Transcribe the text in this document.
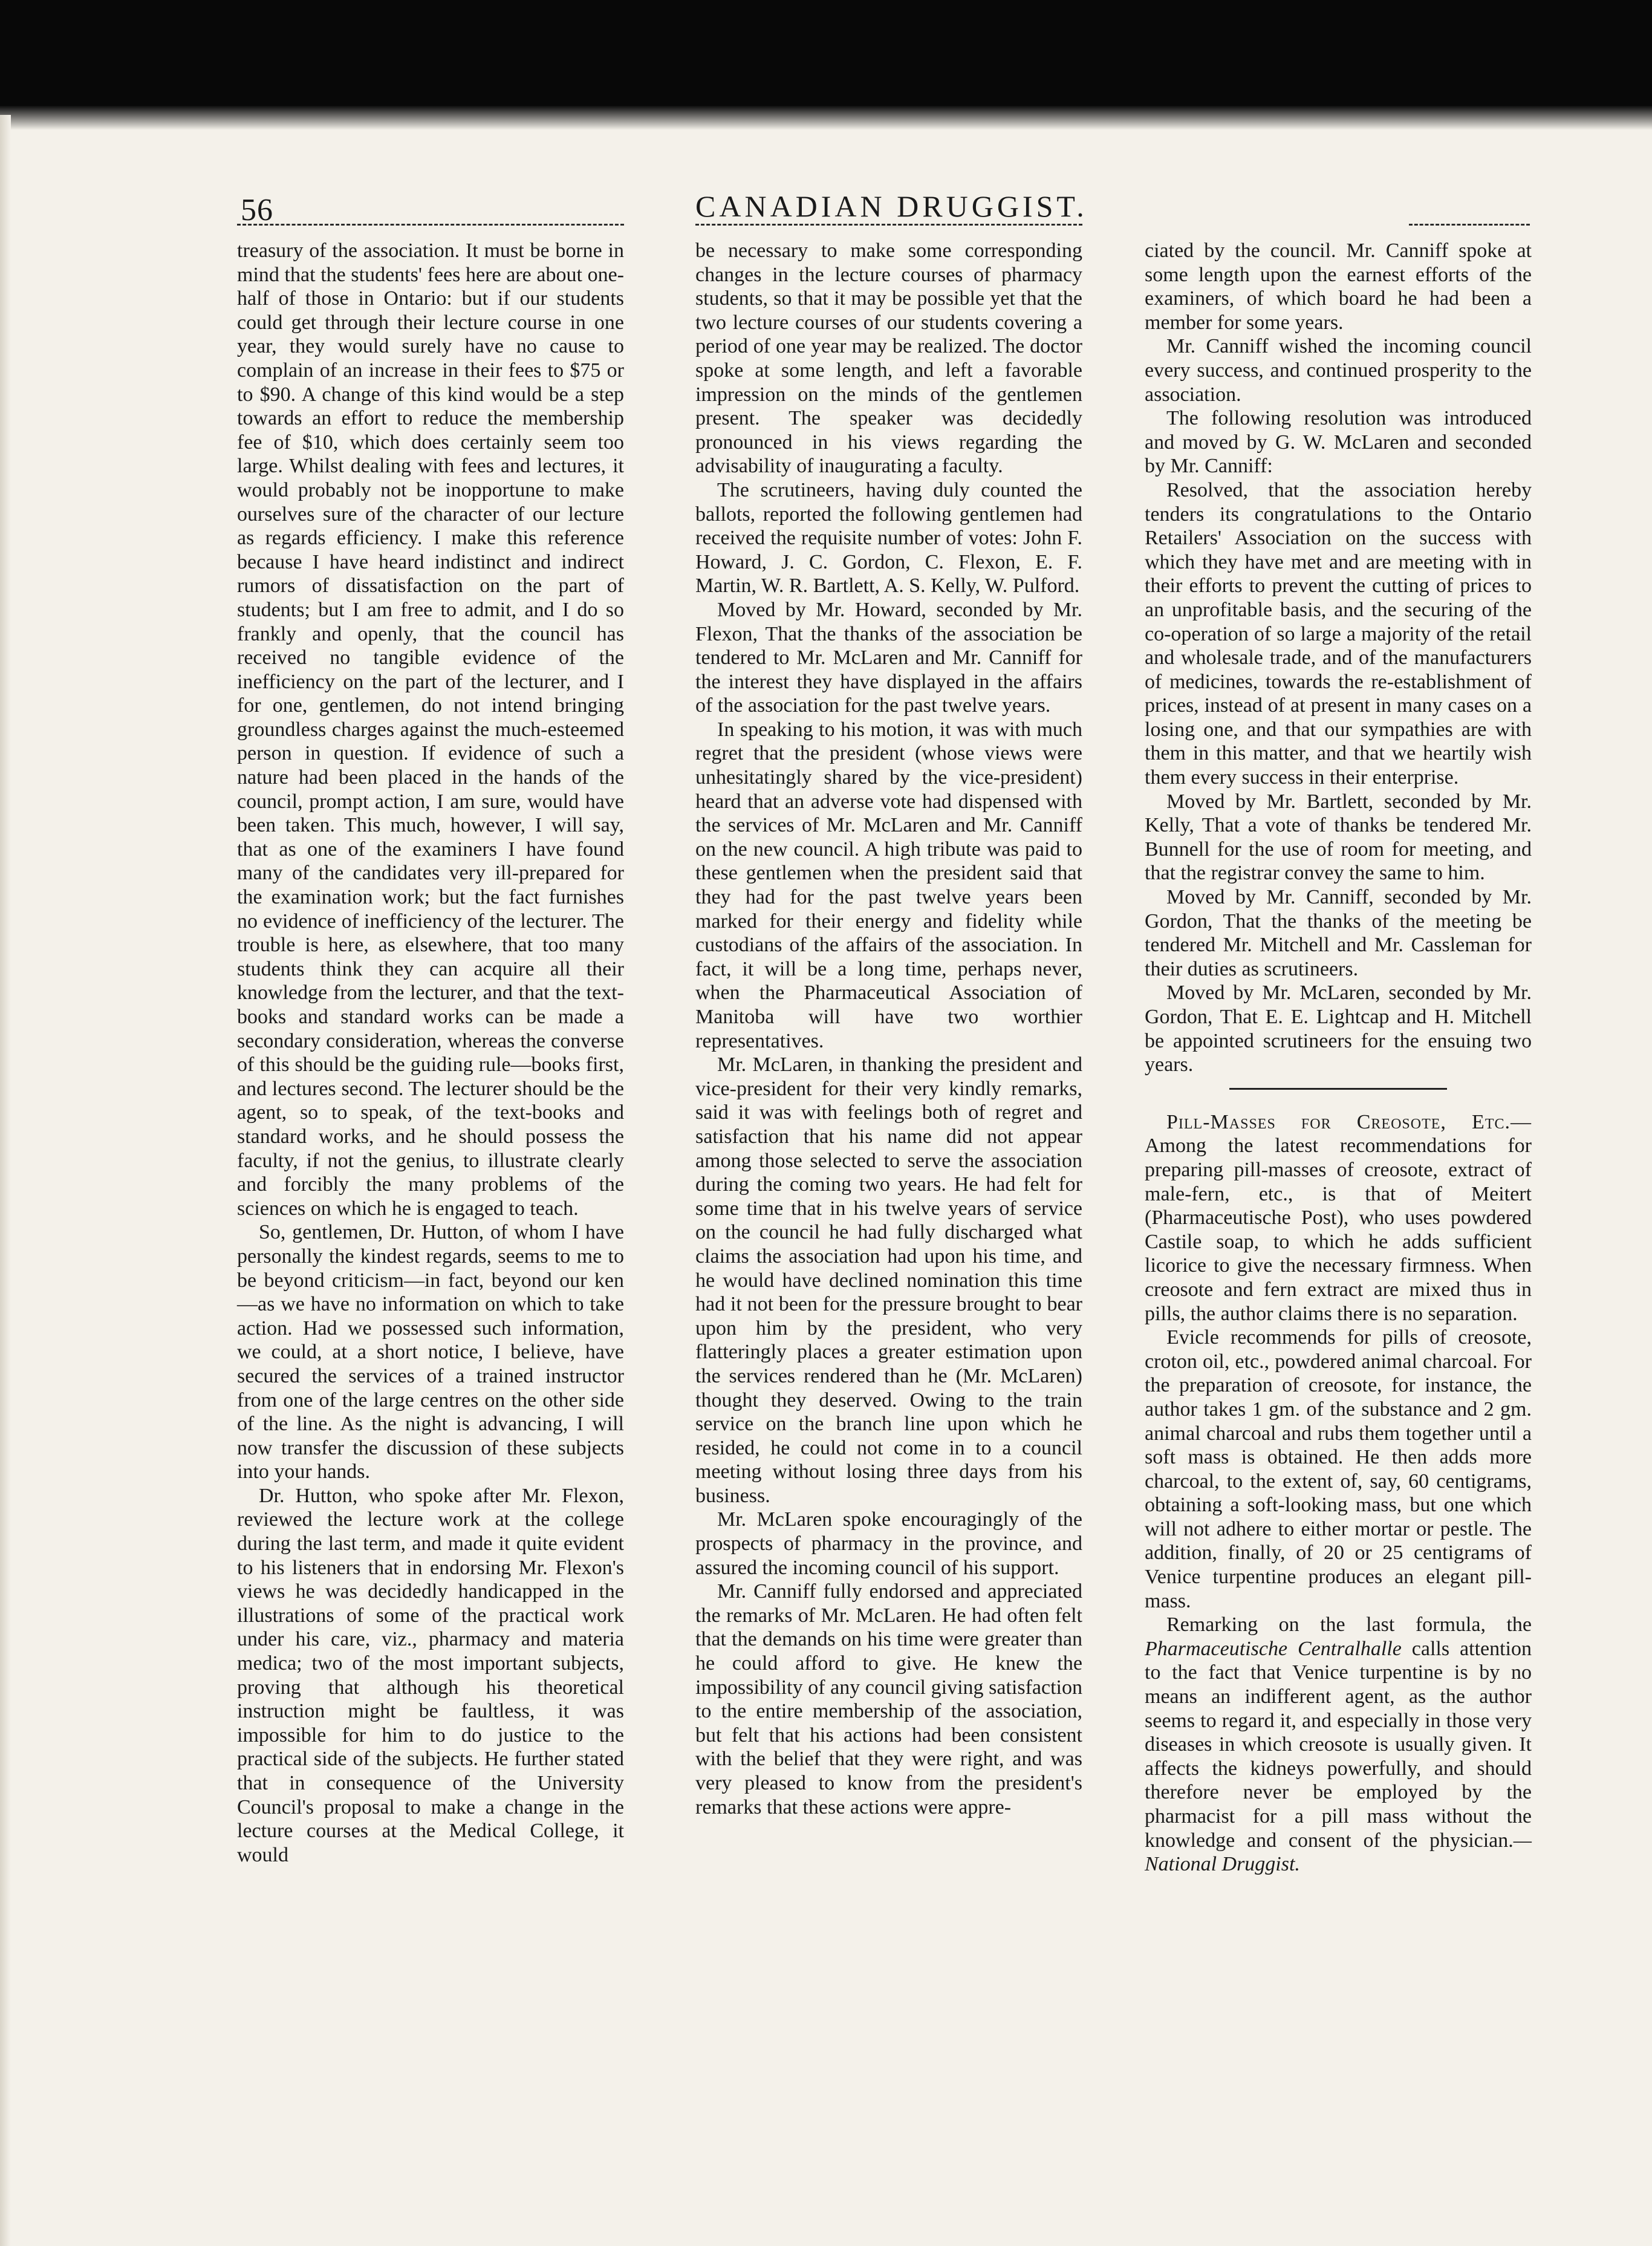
56	CANADIAN DRUGGIST.

treasury of the association. It must be borne in mind that the students' fees here are about one-half of those in Ontario: but if our students could get through their lecture course in one year, they would surely have no cause to complain of an increase in their fees to $75 or to $90. A change of this kind would be a step towards an effort to reduce the membership fee of $10, which does certainly seem too large. Whilst dealing with fees and lectures, it would probably not be inopportune to make ourselves sure of the character of our lecture as regards efficiency. I make this reference because I have heard indistinct and indirect rumors of dissatisfaction on the part of students; but I am free to admit, and I do so frankly and openly, that the council has received no tangible evidence of the inefficiency on the part of the lecturer, and I for one, gentlemen, do not intend bringing groundless charges against the much-esteemed person in question. If evidence of such a nature had been placed in the hands of the council, prompt action, I am sure, would have been taken. This much, however, I will say, that as one of the examiners I have found many of the candidates very ill-prepared for the examination work; but the fact furnishes no evidence of inefficiency of the lecturer. The trouble is here, as elsewhere, that too many students think they can acquire all their knowledge from the lecturer, and that the text-books and standard works can be made a secondary consideration, whereas the converse of this should be the guiding rule—books first, and lectures second. The lecturer should be the agent, so to speak, of the text-books and standard works, and he should possess the faculty, if not the genius, to illustrate clearly and forcibly the many problems of the sciences on which he is engaged to teach.

So, gentlemen, Dr. Hutton, of whom I have personally the kindest regards, seems to me to be beyond criticism—in fact, beyond our ken—as we have no information on which to take action. Had we possessed such information, we could, at a short notice, I believe, have secured the services of a trained instructor from one of the large centres on the other side of the line. As the night is advancing, I will now transfer the discussion of these subjects into your hands.

Dr. Hutton, who spoke after Mr. Flexon, reviewed the lecture work at the college during the last term, and made it quite evident to his listeners that in endorsing Mr. Flexon's views he was decidedly handicapped in the illustrations of some of the practical work under his care, viz., pharmacy and materia medica; two of the most important subjects, proving that although his theoretical instruction might be faultless, it was impossible for him to do justice to the practical side of the subjects. He further stated that in consequence of the University Council's proposal to make a change in the lecture courses at the Medical College, it would

be necessary to make some corresponding changes in the lecture courses of pharmacy students, so that it may be possible yet that the two lecture courses of our students covering a period of one year may be realized. The doctor spoke at some length, and left a favorable impression on the minds of the gentlemen present. The speaker was decidedly pronounced in his views regarding the advisability of inaugurating a faculty.

The scrutineers, having duly counted the ballots, reported the following gentlemen had received the requisite number of votes: John F. Howard, J. C. Gordon, C. Flexon, E. F. Martin, W. R. Bartlett, A. S. Kelly, W. Pulford.

Moved by Mr. Howard, seconded by Mr. Flexon, That the thanks of the association be tendered to Mr. McLaren and Mr. Canniff for the interest they have displayed in the affairs of the association for the past twelve years.

In speaking to his motion, it was with much regret that the president (whose views were unhesitatingly shared by the vice-president) heard that an adverse vote had dispensed with the services of Mr. McLaren and Mr. Canniff on the new council. A high tribute was paid to these gentlemen when the president said that they had for the past twelve years been marked for their energy and fidelity while custodians of the affairs of the association. In fact, it will be a long time, perhaps never, when the Pharmaceutical Association of Manitoba will have two worthier representatives.

Mr. McLaren, in thanking the president and vice-president for their very kindly remarks, said it was with feelings both of regret and satisfaction that his name did not appear among those selected to serve the association during the coming two years. He had felt for some time that in his twelve years of service on the council he had fully discharged what claims the association had upon his time, and he would have declined nomination this time had it not been for the pressure brought to bear upon him by the president, who very flatteringly places a greater estimation upon the services rendered than he (Mr. McLaren) thought they deserved. Owing to the train service on the branch line upon which he resided, he could not come in to a council meeting without losing three days from his business.

Mr. McLaren spoke encouragingly of the prospects of pharmacy in the province, and assured the incoming council of his support.

Mr. Canniff fully endorsed and appreciated the remarks of Mr. McLaren. He had often felt that the demands on his time were greater than he could afford to give. He knew the impossibility of any council giving satisfaction to the entire membership of the association, but felt that his actions had been consistent with the belief that they were right, and was very pleased to know from the president's remarks that these actions were appre-

ciated by the council. Mr. Canniff spoke at some length upon the earnest efforts of the examiners, of which board he had been a member for some years.

Mr. Canniff wished the incoming council every success, and continued prosperity to the association.

The following resolution was introduced and moved by G. W. McLaren and seconded by Mr. Canniff:

Resolved, that the association hereby tenders its congratulations to the Ontario Retailers' Association on the success with which they have met and are meeting with in their efforts to prevent the cutting of prices to an unprofitable basis, and the securing of the co-operation of so large a majority of the retail and wholesale trade, and of the manufacturers of medicines, towards the re-establishment of prices, instead of at present in many cases on a losing one, and that our sympathies are with them in this matter, and that we heartily wish them every success in their enterprise.

Moved by Mr. Bartlett, seconded by Mr. Kelly, That a vote of thanks be tendered Mr. Bunnell for the use of room for meeting, and that the registrar convey the same to him.

Moved by Mr. Canniff, seconded by Mr. Gordon, That the thanks of the meeting be tendered Mr. Mitchell and Mr. Cassleman for their duties as scrutineers.

Moved by Mr. McLaren, seconded by Mr. Gordon, That E. E. Lightcap and H. Mitchell be appointed scrutineers for the ensuing two years.

Pill-Masses for Creosote, Etc.— Among the latest recommendations for preparing pill-masses of creosote, extract of male-fern, etc., is that of Meitert (Pharmaceutische Post), who uses powdered Castile soap, to which he adds sufficient licorice to give the necessary firmness. When creosote and fern extract are mixed thus in pills, the author claims there is no separation.

Evicle recommends for pills of creosote, croton oil, etc., powdered animal charcoal. For the preparation of creosote, for instance, the author takes 1 gm. of the substance and 2 gm. animal charcoal and rubs them together until a soft mass is obtained. He then adds more charcoal, to the extent of, say, 60 centigrams, obtaining a soft-looking mass, but one which will not adhere to either mortar or pestle. The addition, finally, of 20 or 25 centigrams of Venice turpentine produces an elegant pill-mass.

Remarking on the last formula, the Pharmaceutische Centralhalle calls attention to the fact that Venice turpentine is by no means an indifferent agent, as the author seems to regard it, and especially in those very diseases in which creosote is usually given. It affects the kidneys powerfully, and should therefore never be employed by the pharmacist for a pill mass without the knowledge and consent of the physician.—National Druggist.
